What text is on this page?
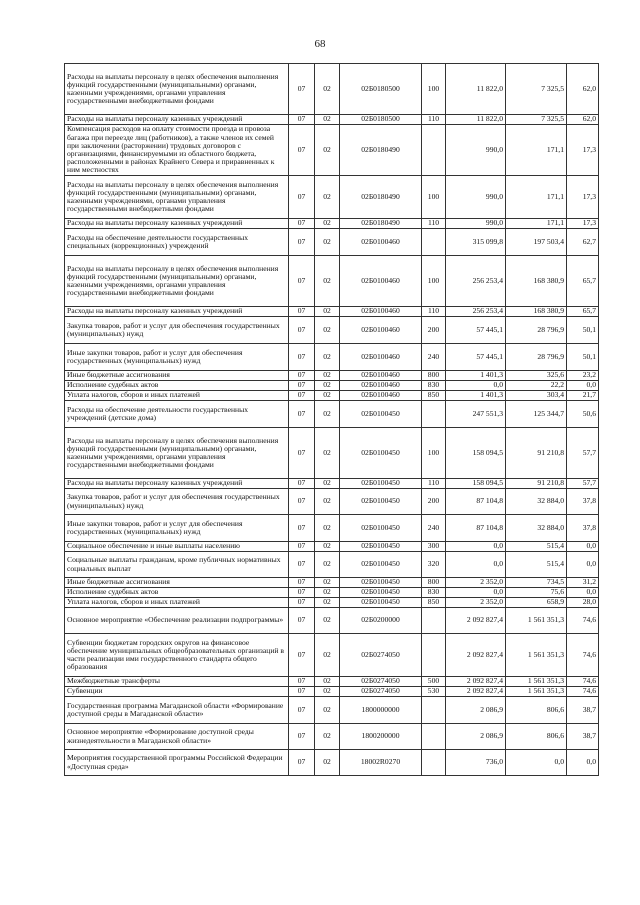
68
Расходы на выплаты персоналу в целях обеспечения выполнения функций государственными (муниципальными) органами, казенными учреждениями, органами управления государственными внебюджетными фондами	07	02	02Б0180500	100	11 822,0	7 325,5	62,0
Расходы на выплаты персоналу казенных учреждений	07	02	02Б0180500	110	11 822,0	7 325,5	62,0
Компенсация расходов на оплату стоимости проезда и провоза багажа при переезде лиц (работников), а также членов их семей при заключении (расторжении) трудовых договоров с организациями, финансируемыми из областного бюджета, расположенными в районах Крайнего Севера и приравненных к ним местностях	07	02	02Б0180490		990,0	171,1	17,3
Расходы на выплаты персоналу в целях обеспечения выполнения функций государственными (муниципальными) органами, казенными учреждениями, органами управления государственными внебюджетными фондами	07	02	02Б0180490	100	990,0	171,1	17,3
Расходы на выплаты персоналу казенных учреждений	07	02	02Б0180490	110	990,0	171,1	17,3
Расходы на обеспечение деятельности государственных специальных (коррекционных) учреждений	07	02	02Б0100460		315 099,8	197 503,4	62,7
Расходы на выплаты персоналу в целях обеспечения выполнения функций государственными (муниципальными) органами, казенными учреждениями, органами управления государственными внебюджетными фондами	07	02	02Б0100460	100	256 253,4	168 380,9	65,7
Расходы на выплаты персоналу казенных учреждений	07	02	02Б0100460	110	256 253,4	168 380,9	65,7
Закупка товаров, работ и услуг для обеспечения государственных (муниципальных) нужд	07	02	02Б0100460	200	57 445,1	28 796,9	50,1
Иные закупки товаров, работ и услуг для обеспечения государственных (муниципальных) нужд	07	02	02Б0100460	240	57 445,1	28 796,9	50,1
Иные бюджетные ассигнования	07	02	02Б0100460	800	1 401,3	325,6	23,2
Исполнение судебных актов	07	02	02Б0100460	830	0,0	22,2	0,0
Уплата налогов, сборов и иных платежей	07	02	02Б0100460	850	1 401,3	303,4	21,7
Расходы на обеспечение деятельности государственных учреждений (детские дома)	07	02	02Б0100450		247 551,3	125 344,7	50,6
Расходы на выплаты персоналу в целях обеспечения выполнения функций государственными (муниципальными) органами, казенными учреждениями, органами управления государственными внебюджетными фондами	07	02	02Б0100450	100	158 094,5	91 210,8	57,7
Расходы на выплаты персоналу казенных учреждений	07	02	02Б0100450	110	158 094,5	91 210,8	57,7
Закупка товаров, работ и услуг для обеспечения государственных (муниципальных) нужд	07	02	02Б0100450	200	87 104,8	32 884,0	37,8
Иные закупки товаров, работ и услуг для обеспечения государственных (муниципальных) нужд	07	02	02Б0100450	240	87 104,8	32 884,0	37,8
Социальное обеспечение и иные выплаты населению	07	02	02Б0100450	300	0,0	515,4	0,0
Социальные выплаты гражданам, кроме публичных нормативных социальных выплат	07	02	02Б0100450	320	0,0	515,4	0,0
Иные бюджетные ассигнования	07	02	02Б0100450	800	2 352,0	734,5	31,2
Исполнение судебных актов	07	02	02Б0100450	830	0,0	75,6	0,0
Уплата налогов, сборов и иных платежей	07	02	02Б0100450	850	2 352,0	658,9	28,0
Основное мероприятие «Обеспечение реализации подпрограммы»	07	02	02Б0200000		2 092 827,4	1 561 351,3	74,6
Субвенции бюджетам городских округов на финансовое обеспечение муниципальных общеобразовательных организаций в части реализации ими государственного стандарта общего образования	07	02	02Б0274050		2 092 827,4	1 561 351,3	74,6
Межбюджетные трансферты	07	02	02Б0274050	500	2 092 827,4	1 561 351,3	74,6
Субвенции	07	02	02Б0274050	530	2 092 827,4	1 561 351,3	74,6
Государственная программа Магаданской области «Формирование доступной среды в Магаданской области»	07	02	1800000000		2 086,9	806,6	38,7
Основное мероприятие «Формирование доступной среды жизнедеятельности в Магаданской области»	07	02	1800200000		2 086,9	806,6	38,7
Мероприятия государственной программы Российской Федерации «Доступная среда»	07	02	18002R0270		736,0	0,0	0,0
